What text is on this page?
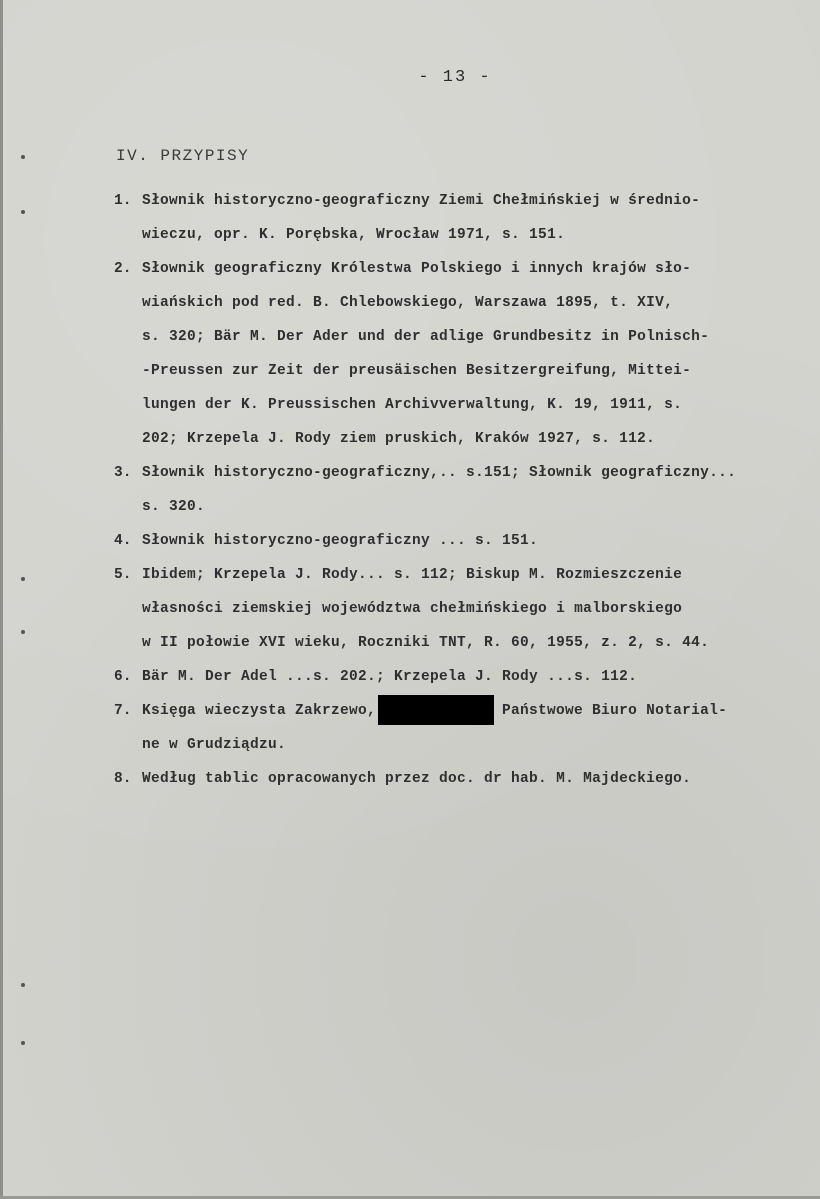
- 13 -
IV. PRZYPISY
1. Słownik historyczno-geograficzny Ziemi Chełmińskiej w średnio-
wieczu, opr. K. Porębska, Wrocław 1971, s. 151.
2. Słownik geograficzny Królestwa Polskiego i innych krajów sło-
wiańskich pod red. B. Chlebowskiego, Warszawa 1895, t. XIV,
s. 320; Bär M. Der Ader und der adlige Grundbesitz in Polnisch-
-Preussen zur Zeit der preusäischen Besitzergreifung, Mittei-
lungen der K. Preussischen Archivverwaltung, K. 19, 1911, s.
202; Krzepela J. Rody ziem pruskich, Kraków 1927, s. 112.
3. Słownik historyczno-geograficzny,.. s.151; Słownik geograficzny...
s. 320.
4. Słownik historyczno-geograficzny ... s. 151.
5. Ibidem; Krzepela J. Rody... s. 112; Biskup M. Rozmieszczenie
własności ziemskiej województwa chełmińskiego i malborskiego
w II połowie XVI wieku, Roczniki TNT, R. 60, 1955, z. 2, s. 44.
6. Bär M. Der Adel ...s. 202.; Krzepela J. Rody ...s. 112.
7. Księga wieczysta Zakrzewo,	Państwowe Biuro Notarial-
ne w Grudziądzu.
8. Według tablic opracowanych przez doc. dr hab. M. Majdeckiego.
